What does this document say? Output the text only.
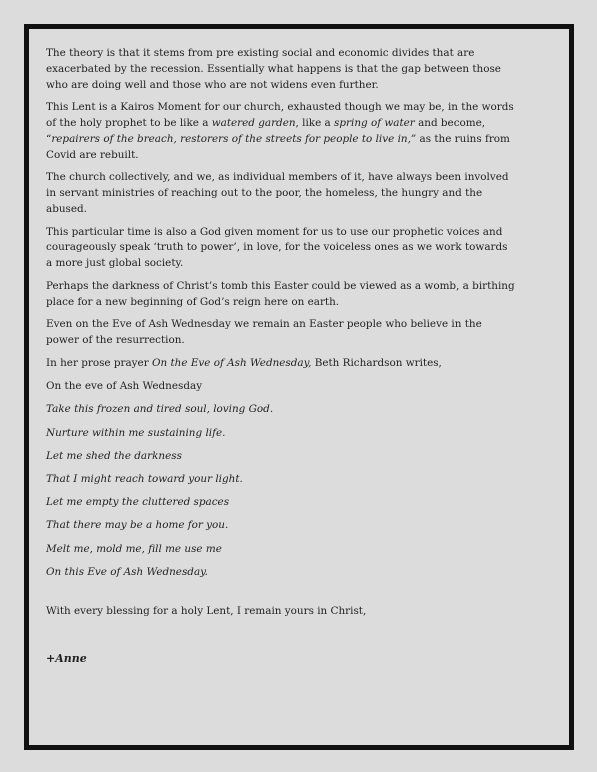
The theory is that it stems from pre existing social and economic divides that are exacerbated by the recession. Essentially what happens is that the gap between those who are doing well and those who are not widens even further.

This Lent is a Kairos Moment for our church, exhausted though we may be, in the words of the holy prophet to be like a watered garden, like a spring of water and become, “repairers of the breach, restorers of the streets for people to live in,” as the ruins from Covid are rebuilt.

The church collectively, and we, as individual members of it, have always been involved in servant ministries of reaching out to the poor, the homeless, the hungry and the abused.

This particular time is also a God given moment for us to use our prophetic voices and courageously speak ‘truth to power’, in love, for the voiceless ones as we work towards a more just global society.

Perhaps the darkness of Christ’s tomb this Easter could be viewed as a womb, a birthing place for a new beginning of God’s reign here on earth.

Even on the Eve of Ash Wednesday we remain an Easter people who believe in the power of the resurrection.

In her prose prayer On the Eve of Ash Wednesday, Beth Richardson writes,

On the eve of Ash Wednesday

Take this frozen and tired soul, loving God.

Nurture within me sustaining life.

Let me shed the darkness

That I might reach toward your light.

Let me empty the cluttered spaces

That there may be a home for you.

Melt me, mold me, fill me use me

On this Eve of Ash Wednesday.

With every blessing for a holy Lent, I remain yours in Christ,

+Anne
